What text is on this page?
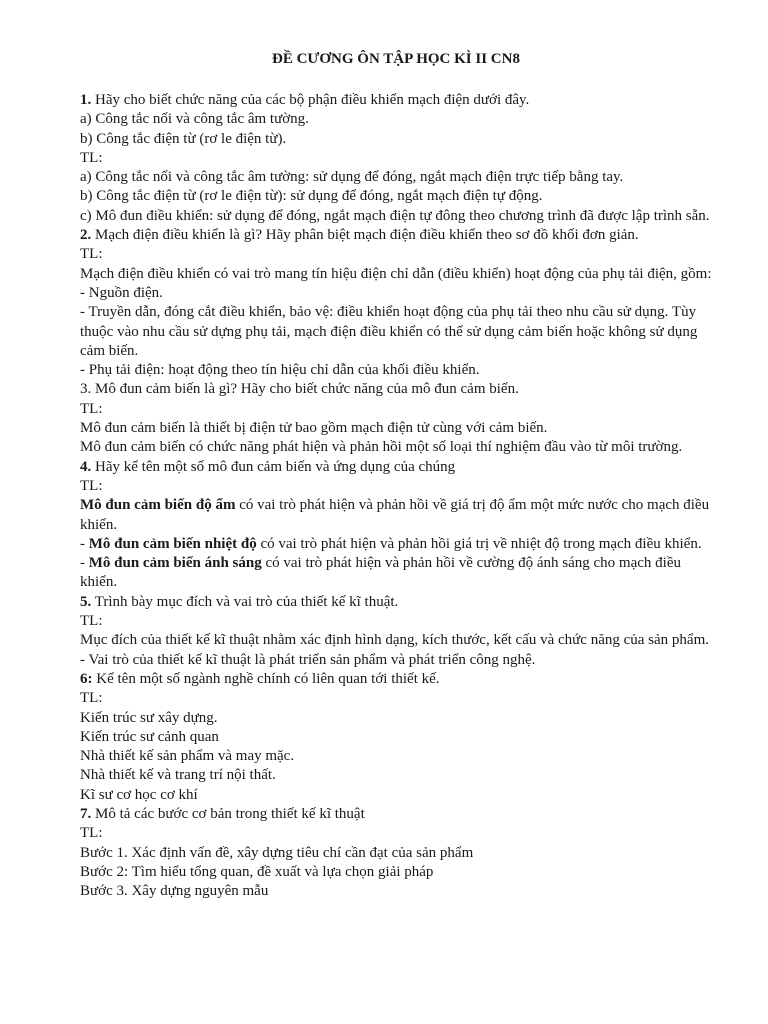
ĐỀ CƯƠNG ÔN TẬP HỌC KÌ II CN8

1. Hãy cho biết chức năng của các bộ phận điều khiển mạch điện dưới đây.

a) Công tắc nối và công tắc âm tường.

b) Công tắc điện từ (rơ le điện từ).

TL:

a) Công tắc nối và công tắc âm tường: sử dụng để đóng, ngắt mạch điện trực tiếp bằng tay.

b) Công tắc điện từ (rơ le điện từ): sử dụng để đóng, ngắt mạch điện tự động.

c) Mô đun điều khiển: sử dụng để đóng, ngắt mạch điện tự đông theo chương trình đã được lập trình sẵn.

2. Mạch điện điều khiển là gì? Hãy phân biệt mạch điện điều khiển theo sơ đồ khối đơn giản.

TL:

Mạch điện điều khiển có vai trò mang tín hiệu điện chỉ dẫn (điều khiển) hoạt động của phụ tải điện, gồm:

- Nguồn điện.

- Truyền dẫn, đóng cắt điều khiển, bảo vệ: điều khiển hoạt động của phụ tải theo nhu cầu sử dụng. Tùy thuộc vào nhu cầu sử dựng phụ tải, mạch điện điều khiển có thể sử dụng cảm biến hoặc không sử dụng cảm biến.

- Phụ tải điện: hoạt động theo tín hiệu chỉ dẫn của khối điều khiển.

3. Mô đun cảm biến là gì? Hãy cho biết chức năng của mô đun cảm biến.

TL:

Mô đun cảm biến là thiết bị điện tử bao gồm mạch điện tử cùng với cảm biến.

Mô đun cảm biến có chức năng phát hiện và phản hồi một số loại thí nghiệm đầu vào từ môi trường.

4. Hãy kể tên một số mô đun cảm biến và ứng dụng của chúng

TL:

Mô đun cảm biến độ ẩm có vai trò phát hiện và phản hồi về giá trị độ ẩm một mức nước cho mạch điều khiển.

- Mô đun cảm biến nhiệt độ có vai trò phát hiện và phản hồi giá trị về nhiệt độ trong mạch điều khiển.

- Mô đun cảm biến ánh sáng có vai trò phát hiện và phản hồi về cường độ ánh sáng cho mạch điều khiển.

5. Trình bày mục đích và vai trò của thiết kế kĩ thuật.

TL:

Mục đích của thiết kế kĩ thuật nhằm xác định hình dạng, kích thước, kết cấu và chức năng của sản phẩm.

- Vai trò của thiết kế kĩ thuật là phát triển sản phẩm và phát triển công nghệ.

6: Kể tên một số ngành nghề chính có liên quan tới thiết kế.

TL:

Kiến trúc sư xây dựng.

Kiến trúc sư cảnh quan

Nhà thiết kế sản phẩm và may mặc.

Nhà thiết kế và trang trí nội thất.

Kĩ sư cơ học cơ khí

7. Mô tả các bước cơ bản trong thiết kế kĩ thuật

TL:

Bước 1. Xác định vấn đề, xây dựng tiêu chí cần đạt của sản phẩm

Bước 2: Tìm hiểu tổng quan, đề xuất và lựa chọn giải pháp

Bước 3. Xây dựng nguyên mẫu
